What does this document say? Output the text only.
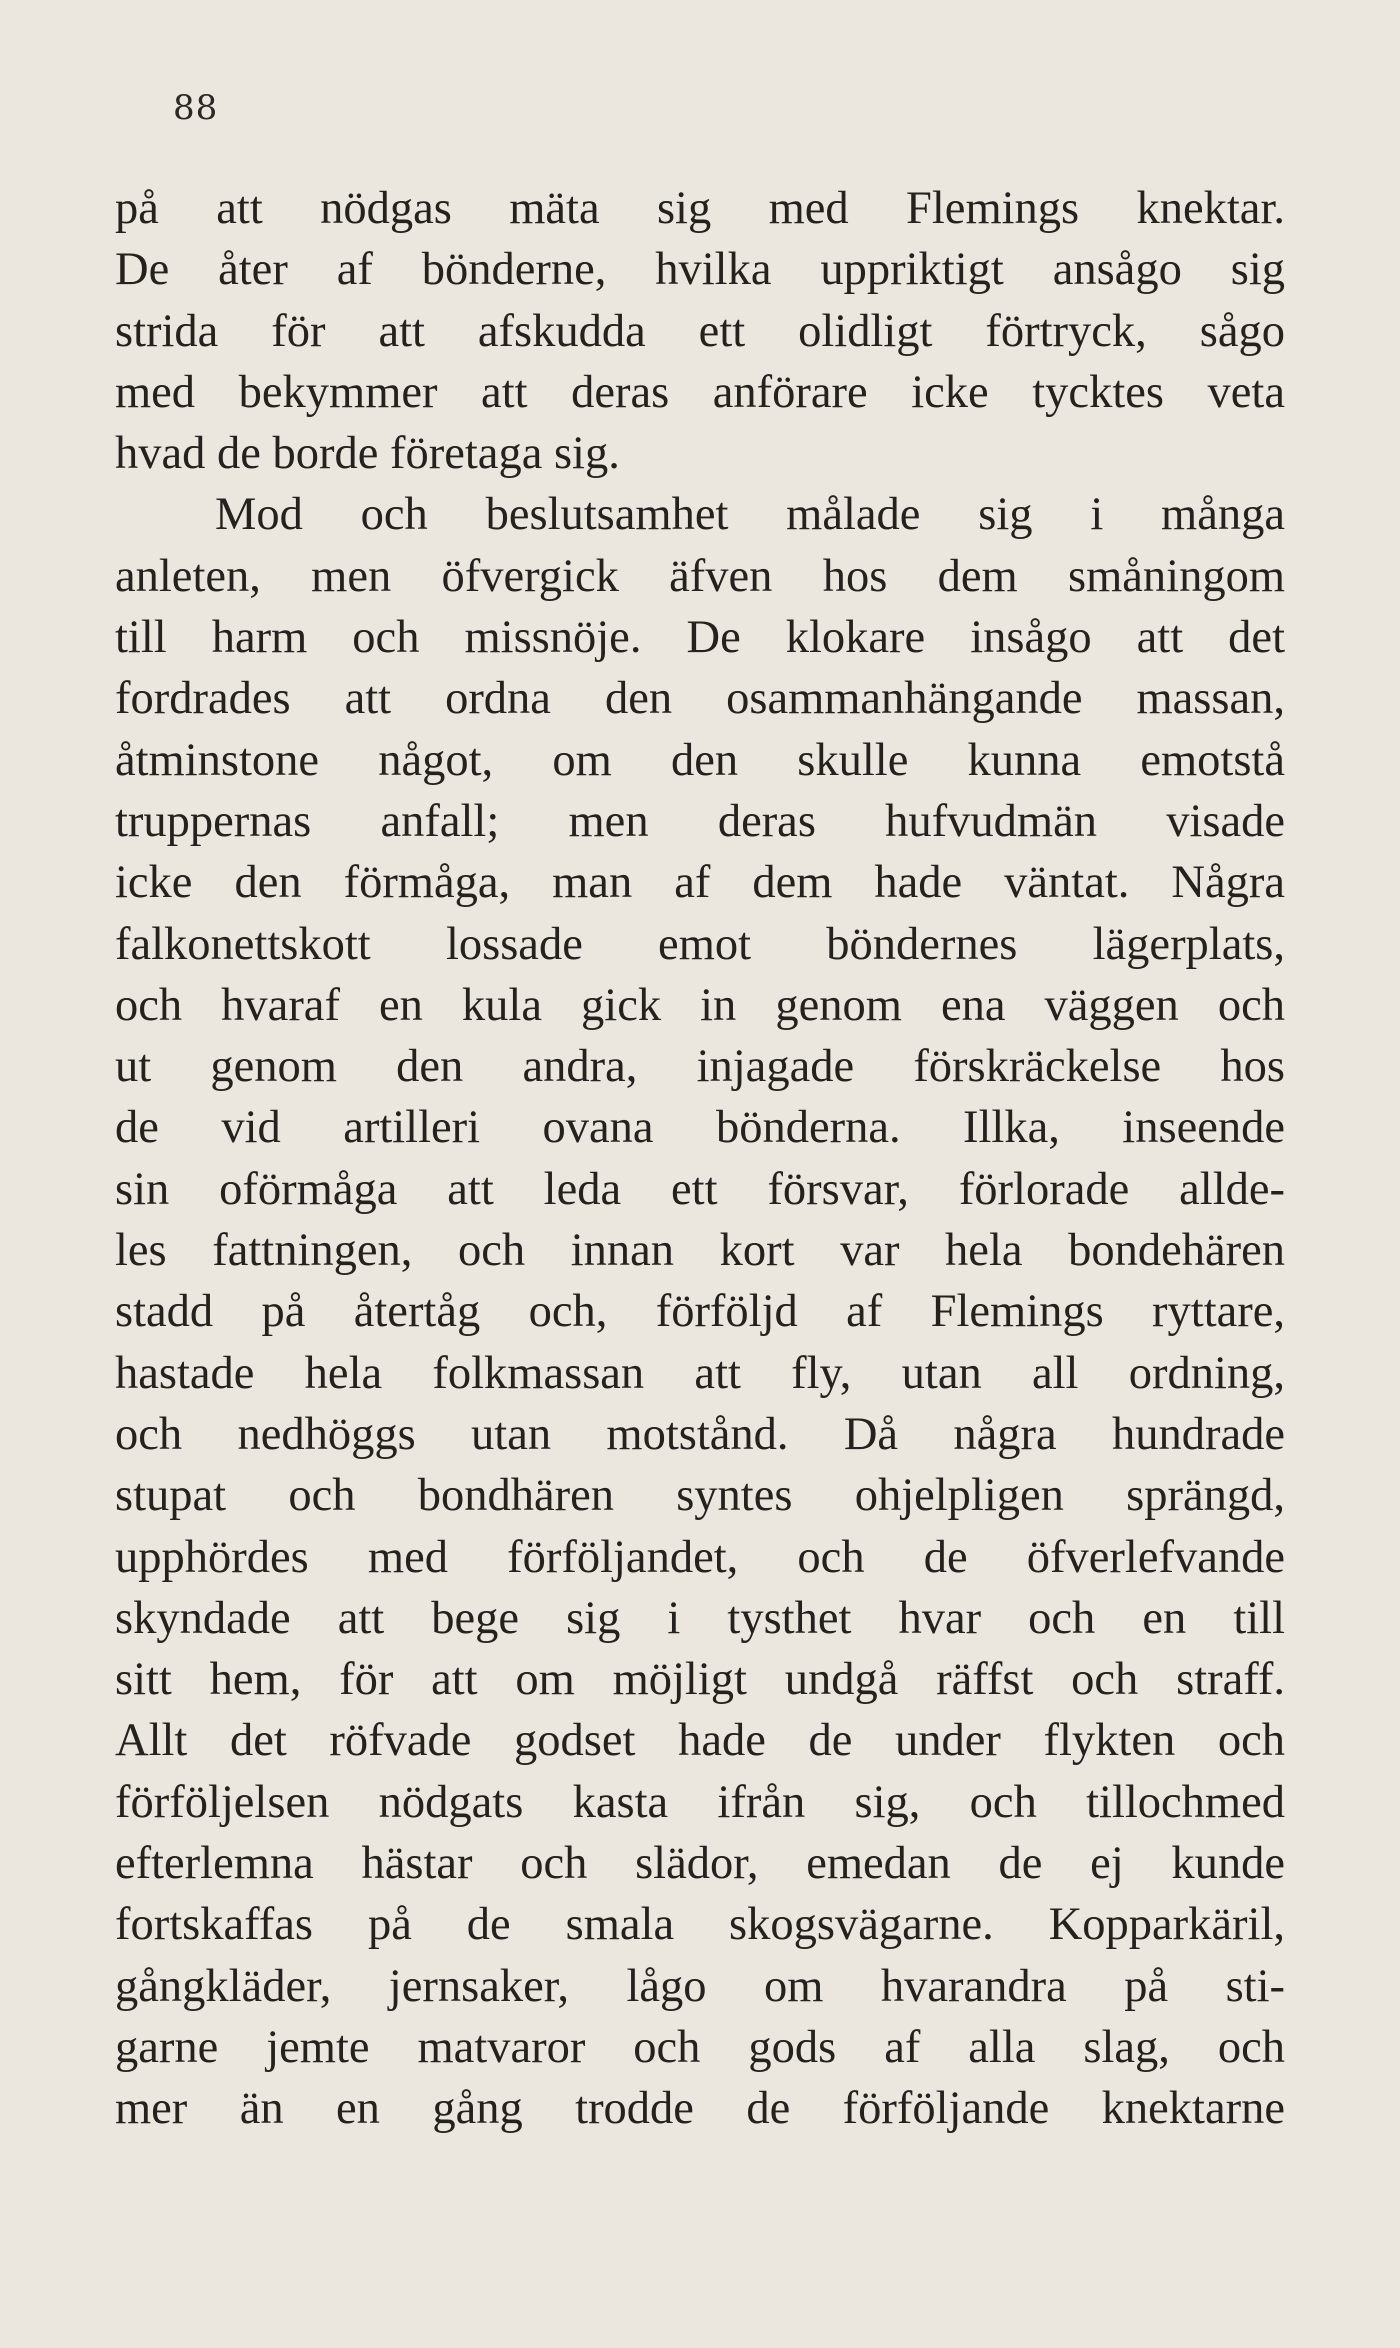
88
på att nödgas mäta sig med Flemings knektar.
De åter af bönderne, hvilka uppriktigt ansågo sig
strida för att afskudda ett olidligt förtryck, sågo
med bekymmer att deras anförare icke tycktes veta
hvad de borde företaga sig.
Mod och beslutsamhet målade sig i många
anleten, men öfvergick äfven hos dem småningom
till harm och missnöje. De klokare insågo att det
fordrades att ordna den osammanhängande massan,
åtminstone något, om den skulle kunna emotstå
truppernas anfall; men deras hufvudmän visade
icke den förmåga, man af dem hade väntat. Några
falkonettskott lossade emot böndernes lägerplats,
och hvaraf en kula gick in genom ena väggen och
ut genom den andra, injagade förskräckelse hos
de vid artilleri ovana bönderna. Illka, inseende
sin oförmåga att leda ett försvar, förlorade allde-
les fattningen, och innan kort var hela bondehären
stadd på återtåg och, förföljd af Flemings ryttare,
hastade hela folkmassan att fly, utan all ordning,
och nedhöggs utan motstånd. Då några hundrade
stupat och bondhären syntes ohjelpligen sprängd,
upphördes med förföljandet, och de öfverlefvande
skyndade att bege sig i tysthet hvar och en till
sitt hem, för att om möjligt undgå räffst och straff.
Allt det röfvade godset hade de under flykten och
förföljelsen nödgats kasta ifrån sig, och tillochmed
efterlemna hästar och slädor, emedan de ej kunde
fortskaffas på de smala skogsvägarne. Kopparkäril,
gångkläder, jernsaker, lågo om hvarandra på sti-
garne jemte matvaror och gods af alla slag, och
mer än en gång trodde de förföljande knektarne
